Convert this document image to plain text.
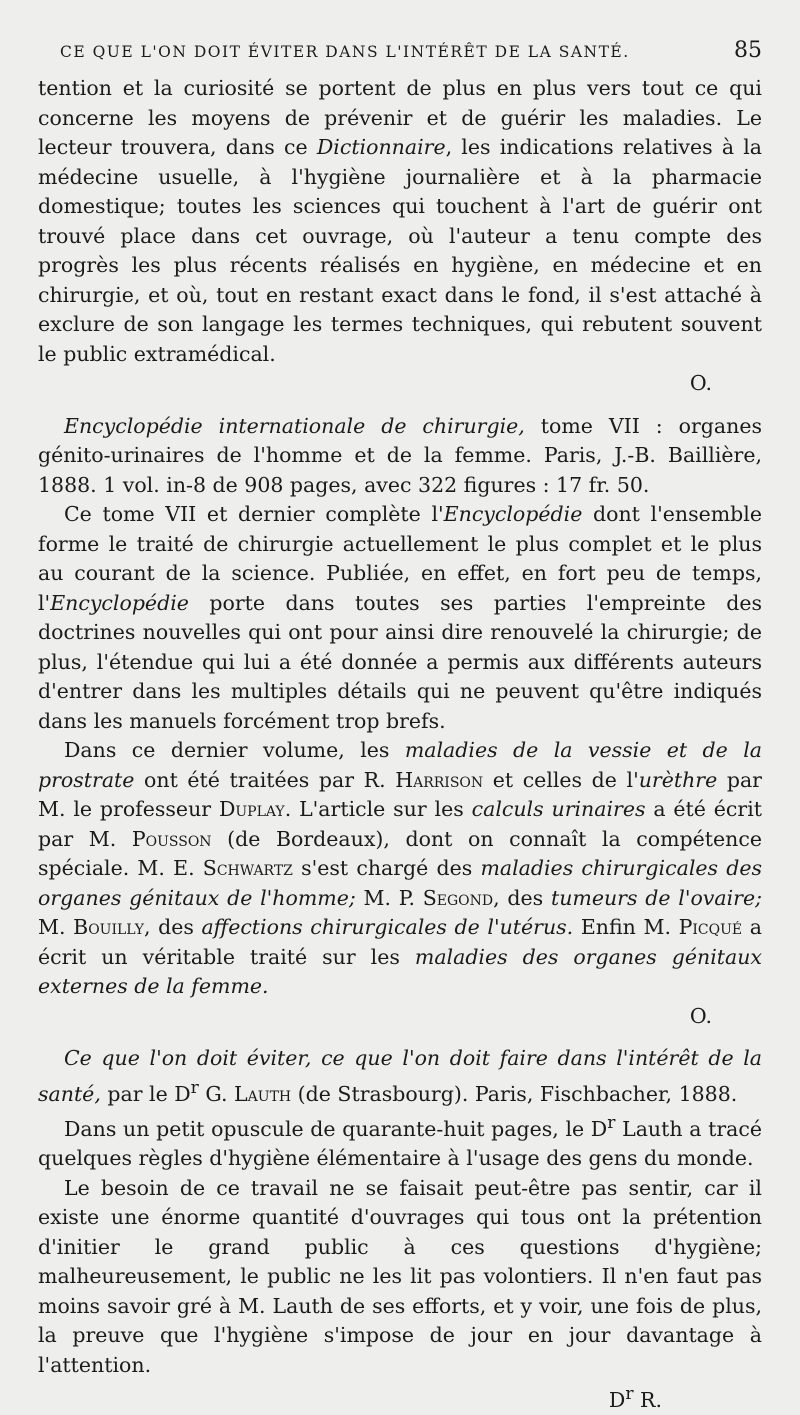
CE QUE L'ON DOIT ÉVITER DANS L'INTÉRÊT DE LA SANTÉ.	85

tention et la curiosité se portent de plus en plus vers tout ce qui concerne les moyens de prévenir et de guérir les maladies. Le lecteur trouvera, dans ce Dictionnaire, les indications relatives à la médecine usuelle, à l'hygiène journalière et à la pharmacie domestique; toutes les sciences qui touchent à l'art de guérir ont trouvé place dans cet ouvrage, où l'auteur a tenu compte des progrès les plus récents réalisés en hygiène, en médecine et en chirurgie, et où, tout en restant exact dans le fond, il s'est attaché à exclure de son langage les termes techniques, qui rebutent souvent le public extramédical.

O.

Encyclopédie internationale de chirurgie, tome VII : organes génito-urinaires de l'homme et de la femme. Paris, J.-B. Baillière, 1888. 1 vol. in-8 de 908 pages, avec 322 figures : 17 fr. 50.

Ce tome VII et dernier complète l'Encyclopédie dont l'ensemble forme le traité de chirurgie actuellement le plus complet et le plus au courant de la science. Publiée, en effet, en fort peu de temps, l'Encyclopédie porte dans toutes ses parties l'empreinte des doctrines nouvelles qui ont pour ainsi dire renouvelé la chirurgie; de plus, l'étendue qui lui a été donnée a permis aux différents auteurs d'entrer dans les multiples détails qui ne peuvent qu'être indiqués dans les manuels forcément trop brefs.

Dans ce dernier volume, les maladies de la vessie et de la prostrate ont été traitées par R. Harrison et celles de l'urèthre par M. le professeur Duplay. L'article sur les calculs urinaires a été écrit par M. Pousson (de Bordeaux), dont on connaît la compétence spéciale. M. E. Schwartz s'est chargé des maladies chirurgicales des organes génitaux de l'homme; M. P. Segond, des tumeurs de l'ovaire; M. Bouilly, des affections chirurgicales de l'utérus. Enfin M. Picqué a écrit un véritable traité sur les maladies des organes génitaux externes de la femme.

O.

Ce que l'on doit éviter, ce que l'on doit faire dans l'intérêt de la santé, par le $D^r$ G. Lauth (de Strasbourg). Paris, Fischbacher, 1888.

Dans un petit opuscule de quarante-huit pages, le $D^r$ Lauth a tracé quelques règles d'hygiène élémentaire à l'usage des gens du monde.

Le besoin de ce travail ne se faisait peut-être pas sentir, car il existe une énorme quantité d'ouvrages qui tous ont la prétention d'initier le grand public à ces questions d'hygiène; malheureusement, le public ne les lit pas volontiers. Il n'en faut pas moins savoir gré à M. Lauth de ses efforts, et y voir, une fois de plus, la preuve que l'hygiène s'impose de jour en jour davantage à l'attention.

$D^r$ R.
